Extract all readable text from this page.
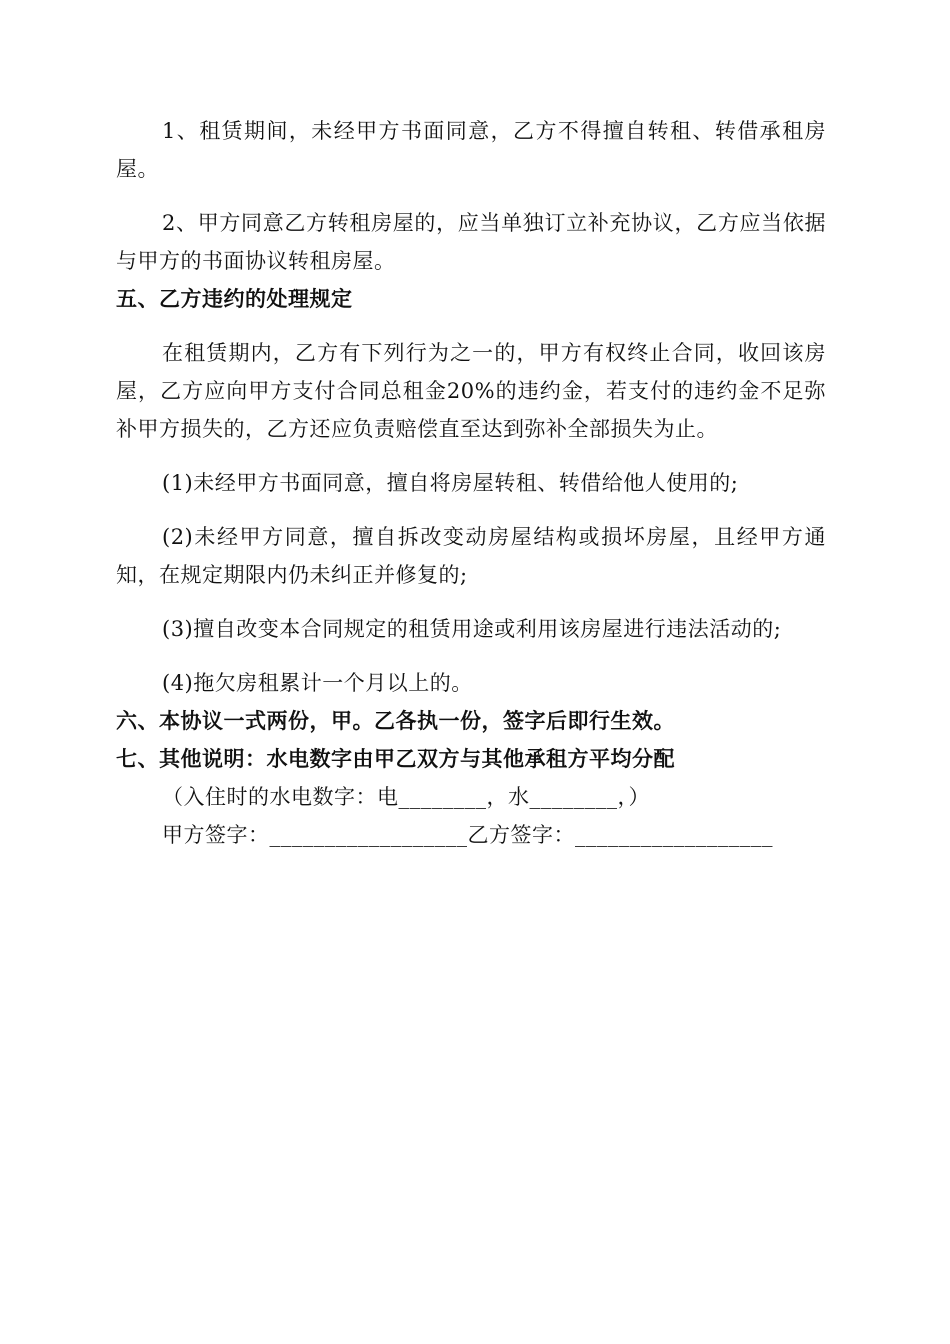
1、租赁期间，未经甲方书面同意，乙方不得擅自转租、转借承租房屋。

2、甲方同意乙方转租房屋的，应当单独订立补充协议，乙方应当依据与甲方的书面协议转租房屋。

五、乙方违约的处理规定

在租赁期内，乙方有下列行为之一的，甲方有权终止合同，收回该房屋，乙方应向甲方支付合同总租金20%的违约金，若支付的违约金不足弥补甲方损失的，乙方还应负责赔偿直至达到弥补全部损失为止。

(1)未经甲方书面同意，擅自将房屋转租、转借给他人使用的;

(2)未经甲方同意，擅自拆改变动房屋结构或损坏房屋，且经甲方通知，在规定期限内仍未纠正并修复的;

(3)擅自改变本合同规定的租赁用途或利用该房屋进行违法活动的;

(4)拖欠房租累计一个月以上的。

六、本协议一式两份，甲。乙各执一份，签字后即行生效。

七、其他说明：水电数字由甲乙双方与其他承租方平均分配

（入住时的水电数字：电________，水________，）

甲方签字：__________________乙方签字：__________________
